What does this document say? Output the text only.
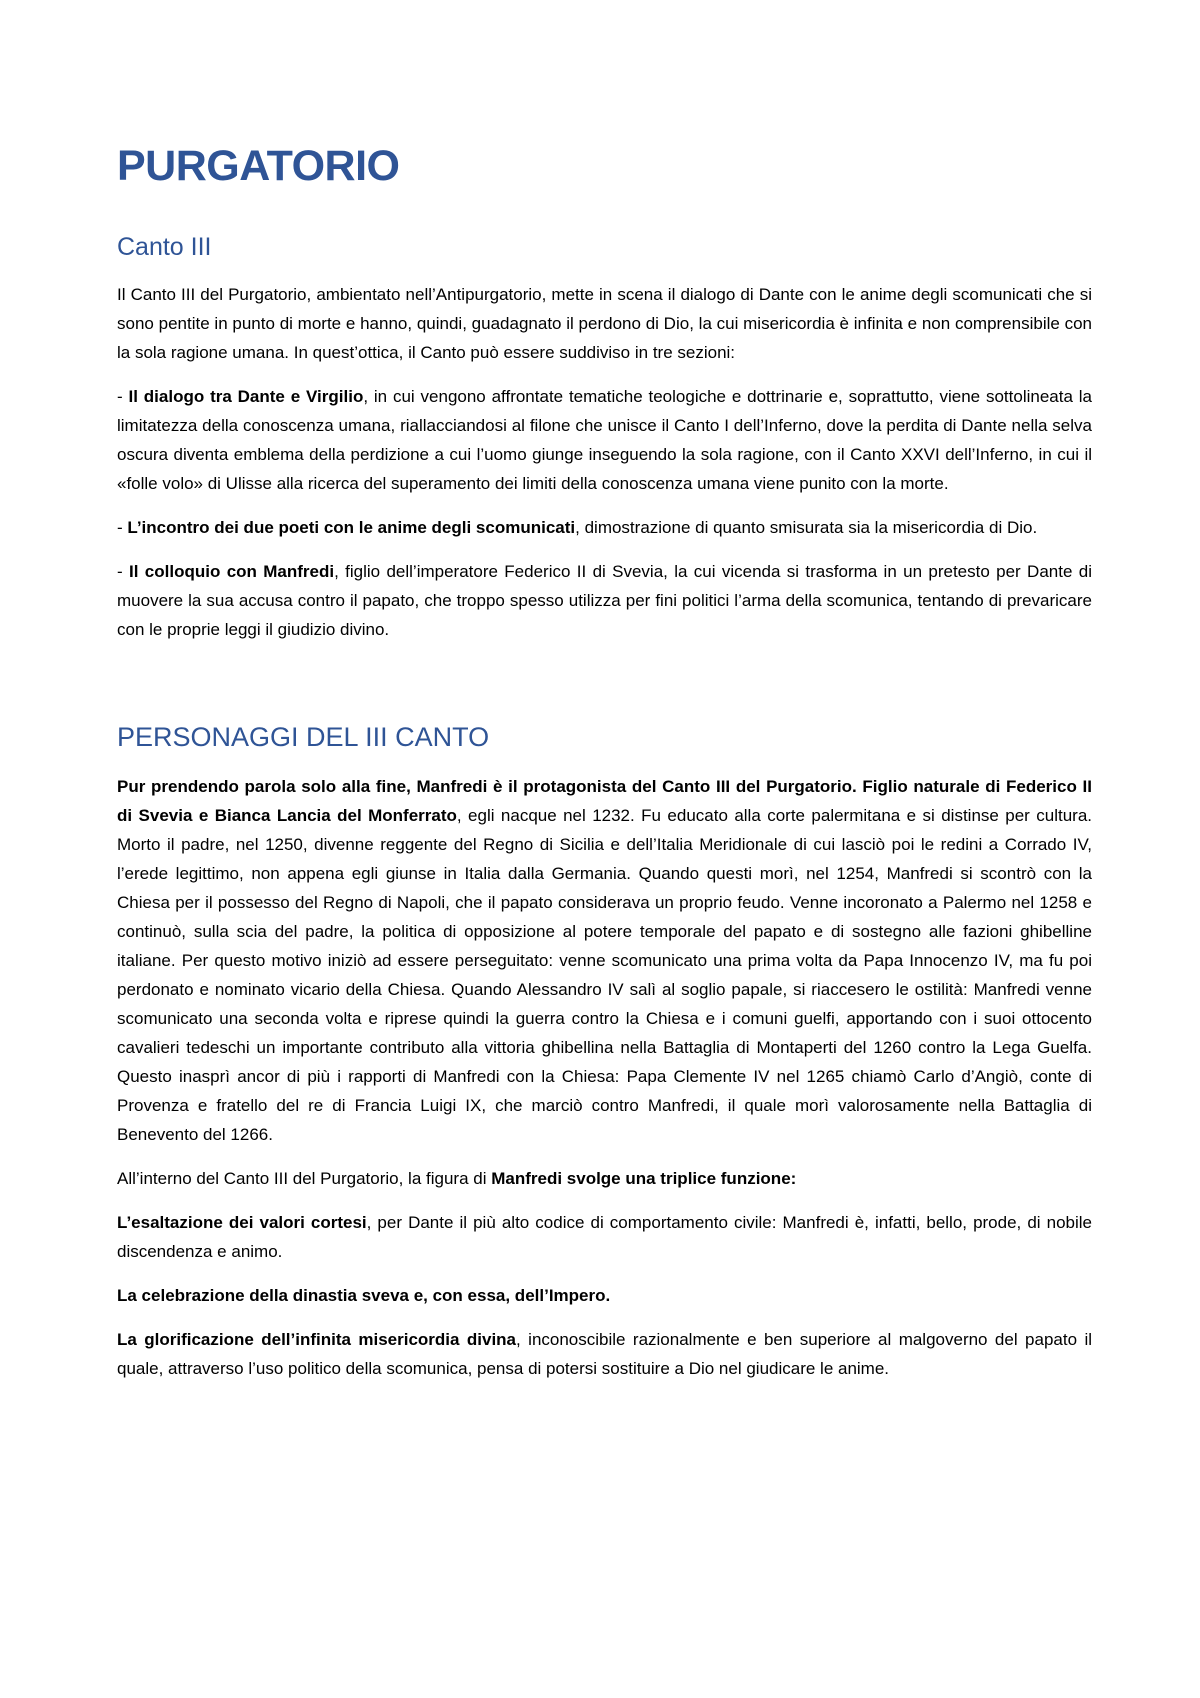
PURGATORIO
Canto III

Il Canto III del Purgatorio, ambientato nell’Antipurgatorio, mette in scena il dialogo di Dante con le anime degli scomunicati che si sono pentite in punto di morte e hanno, quindi, guadagnato il perdono di Dio, la cui misericordia è infinita e non comprensibile con la sola ragione umana. In quest’ottica, il Canto può essere suddiviso in tre sezioni:

- Il dialogo tra Dante e Virgilio, in cui vengono affrontate tematiche teologiche e dottrinarie e, soprattutto, viene sottolineata la limitatezza della conoscenza umana, riallacciandosi al filone che unisce il Canto I dell’Inferno, dove la perdita di Dante nella selva oscura diventa emblema della perdizione a cui l’uomo giunge inseguendo la sola ragione, con il Canto XXVI dell’Inferno, in cui il «folle volo» di Ulisse alla ricerca del superamento dei limiti della conoscenza umana viene punito con la morte.

- L’incontro dei due poeti con le anime degli scomunicati, dimostrazione di quanto smisurata sia la misericordia di Dio.

- Il colloquio con Manfredi, figlio dell’imperatore Federico II di Svevia, la cui vicenda si trasforma in un pretesto per Dante di muovere la sua accusa contro il papato, che troppo spesso utilizza per fini politici l’arma della scomunica, tentando di prevaricare con le proprie leggi il giudizio divino.

PERSONAGGI DEL III CANTO

Pur prendendo parola solo alla fine, Manfredi è il protagonista del Canto III del Purgatorio. Figlio naturale di Federico II di Svevia e Bianca Lancia del Monferrato, egli nacque nel 1232. Fu educato alla corte palermitana e si distinse per cultura. Morto il padre, nel 1250, divenne reggente del Regno di Sicilia e dell’Italia Meridionale di cui lasciò poi le redini a Corrado IV, l’erede legittimo, non appena egli giunse in Italia dalla Germania. Quando questi morì, nel 1254, Manfredi si scontrò con la Chiesa per il possesso del Regno di Napoli, che il papato considerava un proprio feudo. Venne incoronato a Palermo nel 1258 e continuò, sulla scia del padre, la politica di opposizione al potere temporale del papato e di sostegno alle fazioni ghibelline italiane. Per questo motivo iniziò ad essere perseguitato: venne scomunicato una prima volta da Papa Innocenzo IV, ma fu poi perdonato e nominato vicario della Chiesa. Quando Alessandro IV salì al soglio papale, si riaccesero le ostilità: Manfredi venne scomunicato una seconda volta e riprese quindi la guerra contro la Chiesa e i comuni guelfi, apportando con i suoi ottocento cavalieri tedeschi un importante contributo alla vittoria ghibellina nella Battaglia di Montaperti del 1260 contro la Lega Guelfa. Questo inasprì ancor di più i rapporti di Manfredi con la Chiesa: Papa Clemente IV nel 1265 chiamò Carlo d’Angiò, conte di Provenza e fratello del re di Francia Luigi IX, che marciò contro Manfredi, il quale morì valorosamente nella Battaglia di Benevento del 1266.

All’interno del Canto III del Purgatorio, la figura di Manfredi svolge una triplice funzione:

L’esaltazione dei valori cortesi, per Dante il più alto codice di comportamento civile: Manfredi è, infatti, bello, prode, di nobile discendenza e animo.

La celebrazione della dinastia sveva e, con essa, dell’Impero.

La glorificazione dell’infinita misericordia divina, inconoscibile razionalmente e ben superiore al malgoverno del papato il quale, attraverso l’uso politico della scomunica, pensa di potersi sostituire a Dio nel giudicare le anime.
